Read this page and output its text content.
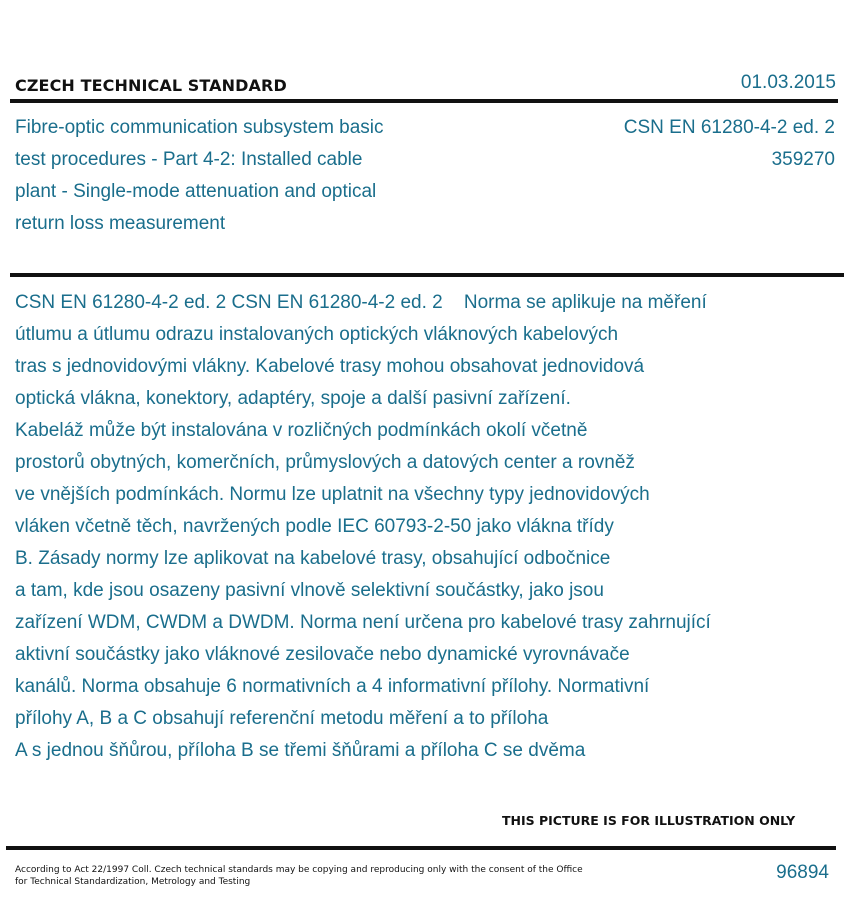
CZECH TECHNICAL STANDARD	01.03.2015
Fibre-optic communication subsystem basic
test procedures - Part 4-2: Installed cable
plant - Single-mode attenuation and optical
return loss measurement
CSN EN 61280-4-2 ed. 2
359270
CSN EN 61280-4-2 ed. 2 CSN EN 61280-4-2 ed. 2    Norma se aplikuje na měření
útlumu a útlumu odrazu instalovaných optických vláknových kabelových
tras s jednovidovými vlákny. Kabelové trasy mohou obsahovat jednovidová
optická vlákna, konektory, adaptéry, spoje a další pasivní zařízení.
Kabeláž může být instalována v rozličných podmínkách okolí včetně
prostorů obytných, komerčních, průmyslových a datových center a rovněž
ve vnějších podmínkách. Normu lze uplatnit na všechny typy jednovidových
vláken včetně těch, navržených podle IEC 60793-2-50 jako vlákna třídy
B. Zásady normy lze aplikovat na kabelové trasy, obsahující odbočnice
a tam, kde jsou osazeny pasivní vlnově selektivní součástky, jako jsou
zařízení WDM, CWDM a DWDM. Norma není určena pro kabelové trasy zahrnující
aktivní součástky jako vláknové zesilovače nebo dynamické vyrovnávače
kanálů. Norma obsahuje 6 normativních a 4 informativní přílohy. Normativní
přílohy A, B a C obsahují referenční metodu měření a to příloha
A s jednou šňůrou, příloha B se třemi šňůrami a příloha C se dvěma
THIS PICTURE IS FOR ILLUSTRATION ONLY
According to Act 22/1997 Coll. Czech technical standards may be copying and reproducing only with the consent of the Office
for Technical Standardization, Metrology and Testing	96894
